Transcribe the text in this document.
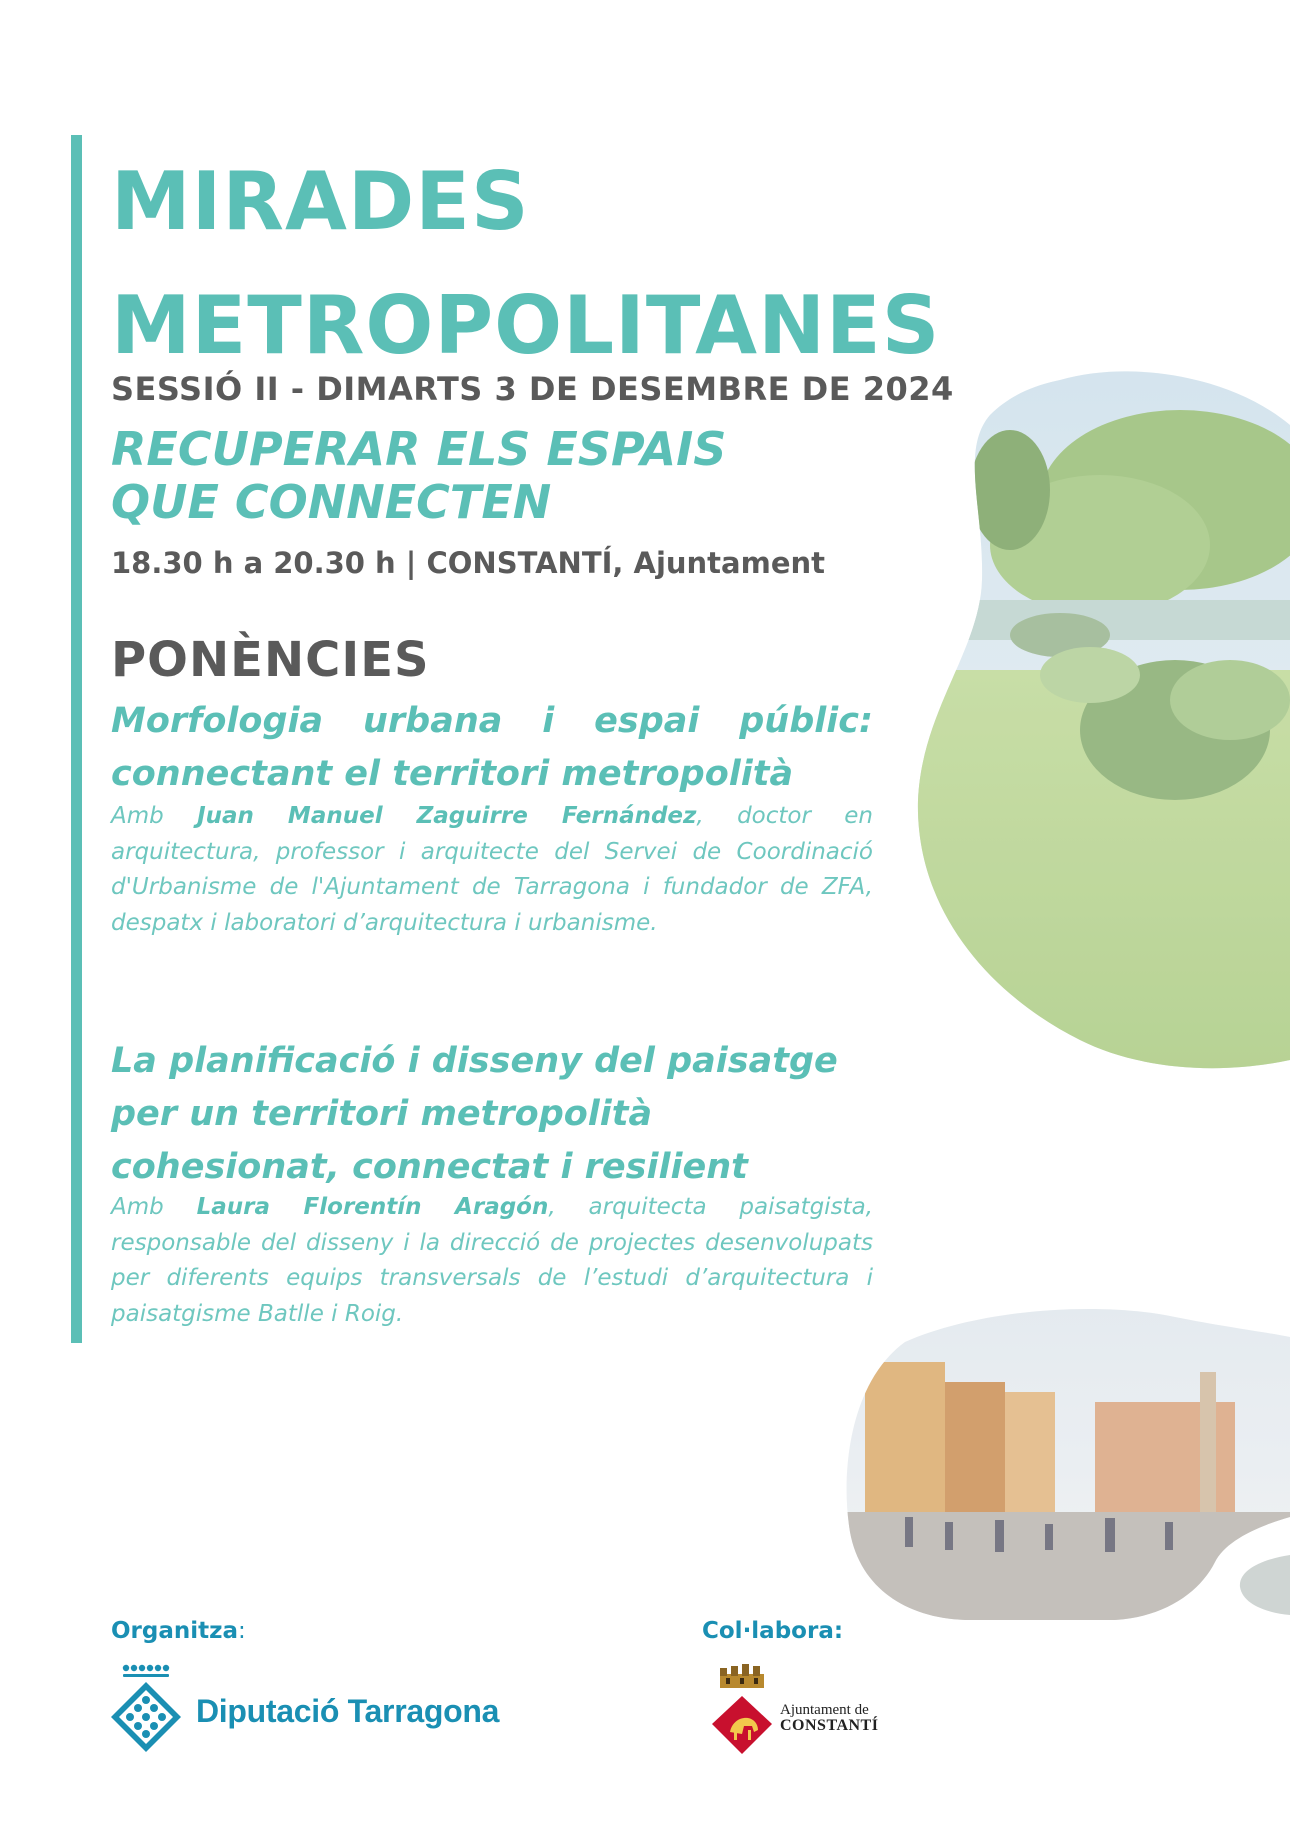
MIRADES
METROPOLITANES
SESSIÓ II - DIMARTS 3 DE DESEMBRE DE 2024
RECUPERAR ELS ESPAIS
QUE CONNECTEN
18.30 h a 20.30 h | CONSTANTÍ, Ajuntament
PONÈNCIES
Morfologia urbana i espai públic:
connectant el territori metropolità

Amb Juan Manuel Zaguirre Fernández, doctor en arquitectura, professor i arquitecte del Servei de Coordinació d'Urbanisme de l'Ajuntament de Tarragona i fundador de ZFA, despatx i laboratori d’arquitectura i urbanisme.

La planificació i disseny del paisatge
per un territori metropolità
cohesionat, connectat i resilient

Amb Laura Florentín Aragón, arquitecta paisatgista, responsable del disseny i la direcció de projectes desenvolupats per diferents equips transversals de l’estudi d’arquitectura i paisatgisme Batlle i Roig.

Organitza:	Col·labora:
Diputació Tarragona	Ajuntament de
CONSTANTÍ
